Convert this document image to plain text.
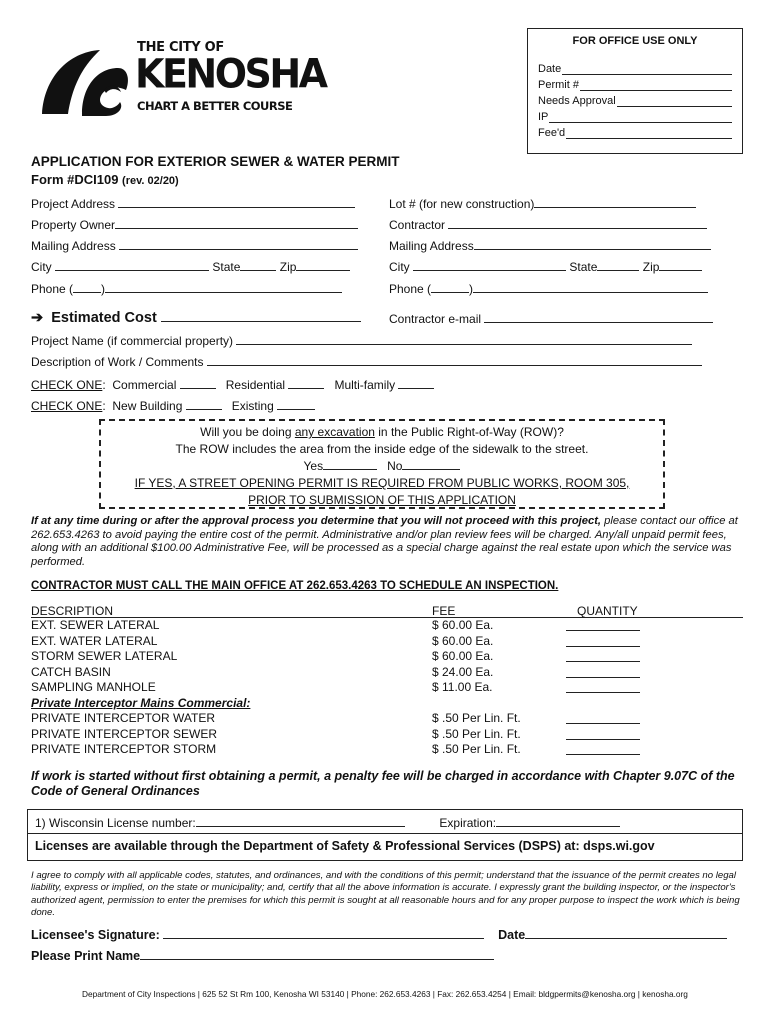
THE CITY OF
KENOSHA
CHART A BETTER COURSE
FOR OFFICE USE ONLY
Date
Permit #
Needs Approval
IP
Fee'd
APPLICATION FOR EXTERIOR SEWER & WATER PERMIT
Form #DCI109 (rev. 02/20)
Project Address
Property Owner
Mailing Address
City	State	Zip
Phone ( )
Lot # (for new construction)
Contractor
Mailing Address
City	State	Zip
Phone (	)
➔ Estimated Cost	Contractor e-mail
Project Name (if commercial property)
Description of Work / Comments
CHECK ONE: Commercial	Residential	Multi-family
CHECK ONE: New Building	Existing
Will you be doing any excavation in the Public Right-of-Way (ROW)?
The ROW includes the area from the inside edge of the sidewalk to the street.
Yes	No
IF YES, A STREET OPENING PERMIT IS REQUIRED FROM PUBLIC WORKS, ROOM 305,
PRIOR TO SUBMISSION OF THIS APPLICATION
If at any time during or after the approval process you determine that you will not proceed with this project, please contact our office at 262.653.4263 to avoid paying the entire cost of the permit. Administrative and/or plan review fees will be charged. Any/all unpaid permit fees, along with an additional $100.00 Administrative Fee, will be processed as a special charge against the real estate upon which the service was performed.
CONTRACTOR MUST CALL THE MAIN OFFICE AT 262.653.4263 TO SCHEDULE AN INSPECTION.
DESCRIPTION	FEE	QUANTITY
EXT. SEWER LATERAL	$ 60.00 Ea.
EXT. WATER LATERAL	$ 60.00 Ea.
STORM SEWER LATERAL	$ 60.00 Ea.
CATCH BASIN	$ 24.00 Ea.
SAMPLING MANHOLE	$ 11.00 Ea.
Private Interceptor Mains Commercial:
PRIVATE INTERCEPTOR WATER	$ .50 Per Lin. Ft.
PRIVATE INTERCEPTOR SEWER	$ .50 Per Lin. Ft.
PRIVATE INTERCEPTOR STORM	$ .50 Per Lin. Ft.
If work is started without first obtaining a permit, a penalty fee will be charged in accordance with Chapter 9.07C of the Code of General Ordinances
1) Wisconsin License number:	Expiration:
Licenses are available through the Department of Safety & Professional Services (DSPS) at: dsps.wi.gov
I agree to comply with all applicable codes, statutes, and ordinances, and with the conditions of this permit; understand that the issuance of the permit creates no legal liability, express or implied, on the state or municipality; and, certify that all the above information is accurate. I expressly grant the building inspector, or the inspector's authorized agent, permission to enter the premises for which this permit is sought at all reasonable hours and for any proper purpose to inspect the work which is being done.
Licensee's Signature:	Date
Please Print Name
Department of City Inspections | 625 52 St Rm 100, Kenosha WI 53140 | Phone: 262.653.4263 | Fax: 262.653.4254 | Email: bldgpermits@kenosha.org | kenosha.org
